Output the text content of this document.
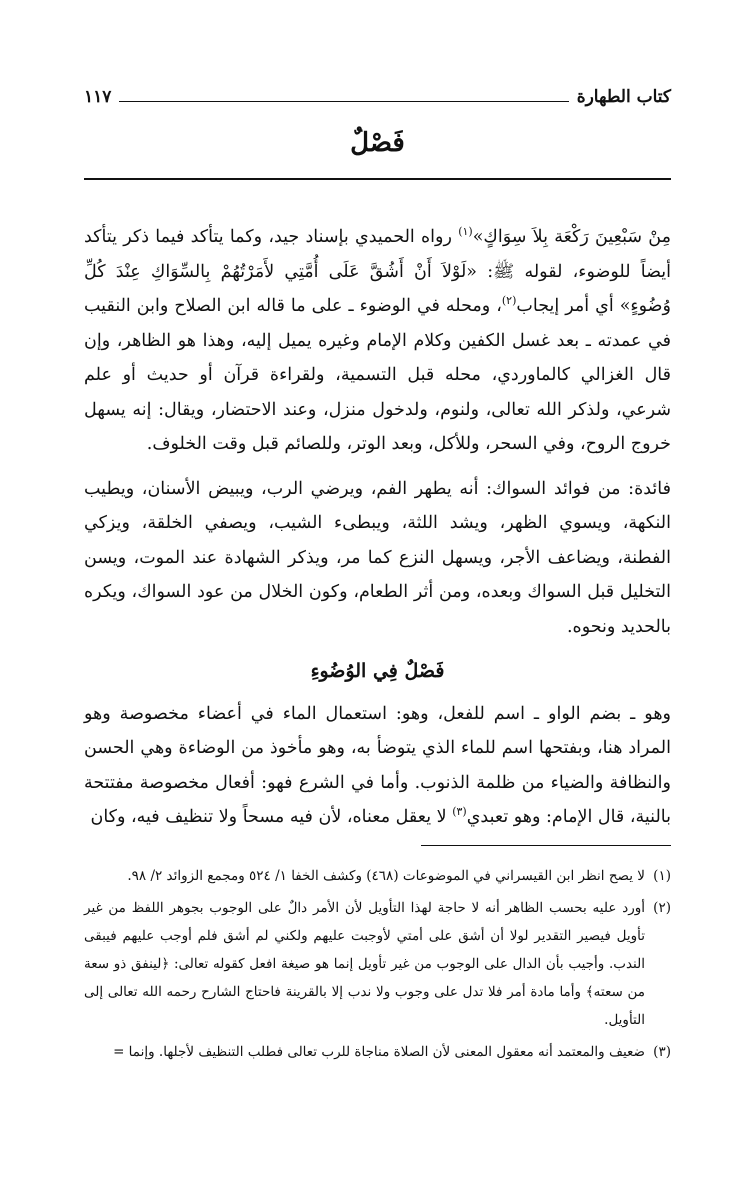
كتاب الطهارة
١١٧
فَصْلٌ

مِنْ سَبْعِينَ رَكْعَة بِلاَ سِوَاكٍ»$^{(١)}$ رواه الحميدي بإسناد جيد، وكما يتأكد فيما ذكر يتأكد أيضاً للوضوء، لقوله ﷺ: «لَوْلاَ أَنْ أَشُقَّ عَلَى أُمَّتِي لأَمَرْتُهُمْ بِالسِّوَاكِ عِنْدَ كُلِّ وُضُوءٍ» أي أمر إيجاب$^{(٢)}$، ومحله في الوضوء ـ على ما قاله ابن الصلاح وابن النقيب في عمدته ـ بعد غسل الكفين وكلام الإمام وغيره يميل إليه، وهذا هو الظاهر، وإن قال الغزالي كالماوردي، محله قبل التسمية، ولقراءة قرآن أو حديث أو علم شرعي، ولذكر الله تعالى، ولنوم، ولدخول منزل، وعند الاحتضار، ويقال: إنه يسهل خروج الروح، وفي السحر، وللأكل، وبعد الوتر، وللصائم قبل وقت الخلوف.

فائدة: من فوائد السواك: أنه يطهر الفم، ويرضي الرب، ويبيض الأسنان، ويطيب النكهة، ويسوي الظهر، ويشد اللثة، ويبطىء الشيب، ويصفي الخلقة، ويزكي الفطنة، ويضاعف الأجر، ويسهل النزع كما مر، ويذكر الشهادة عند الموت، ويسن التخليل قبل السواك وبعده، ومن أثر الطعام، وكون الخلال من عود السواك، ويكره بالحديد ونحوه.

فَصْلٌ فِي الوُضُوءِ

وهو ـ بضم الواو ـ اسم للفعل، وهو: استعمال الماء في أعضاء مخصوصة وهو المراد هنا، وبفتحها اسم للماء الذي يتوضأ به، وهو مأخوذ من الوضاءة وهي الحسن والنظافة والضياء من ظلمة الذنوب. وأما في الشرع فهو: أفعال مخصوصة مفتتحة بالنية، قال الإمام: وهو تعبدي$^{(٣)}$ لا يعقل معناه، لأن فيه مسحاً ولا تنظيف فيه، وكان

(١)لا يصح انظر ابن القيسراني في الموضوعات (٤٦٨) وكشف الخفا ١/ ٥٢٤ ومجمع الزوائد ٢/ ٩٨.

(٢)أورد عليه بحسب الظاهر أنه لا حاجة لهذا التأويل لأن الأمر دالٌ على الوجوب بجوهر اللفظ من غير تأويل فيصير التقدير لولا أن أشق على أمتي لأوجبت عليهم ولكني لم أشق فلم أوجب عليهم فيبقى الندب. وأجيب بأن الدال على الوجوب من غير تأويل إنما هو صيغة افعل كقوله تعالى: ﴿لينفق ذو سعة من سعته﴾ وأما مادة أمر فلا تدل على وجوب ولا ندب إلا بالقرينة فاحتاج الشارح رحمه الله تعالى إلى التأويل.

(٣)ضعيف والمعتمد أنه معقول المعنى لأن الصلاة مناجاة للرب تعالى فطلب التنظيف لأجلها. وإنما =
